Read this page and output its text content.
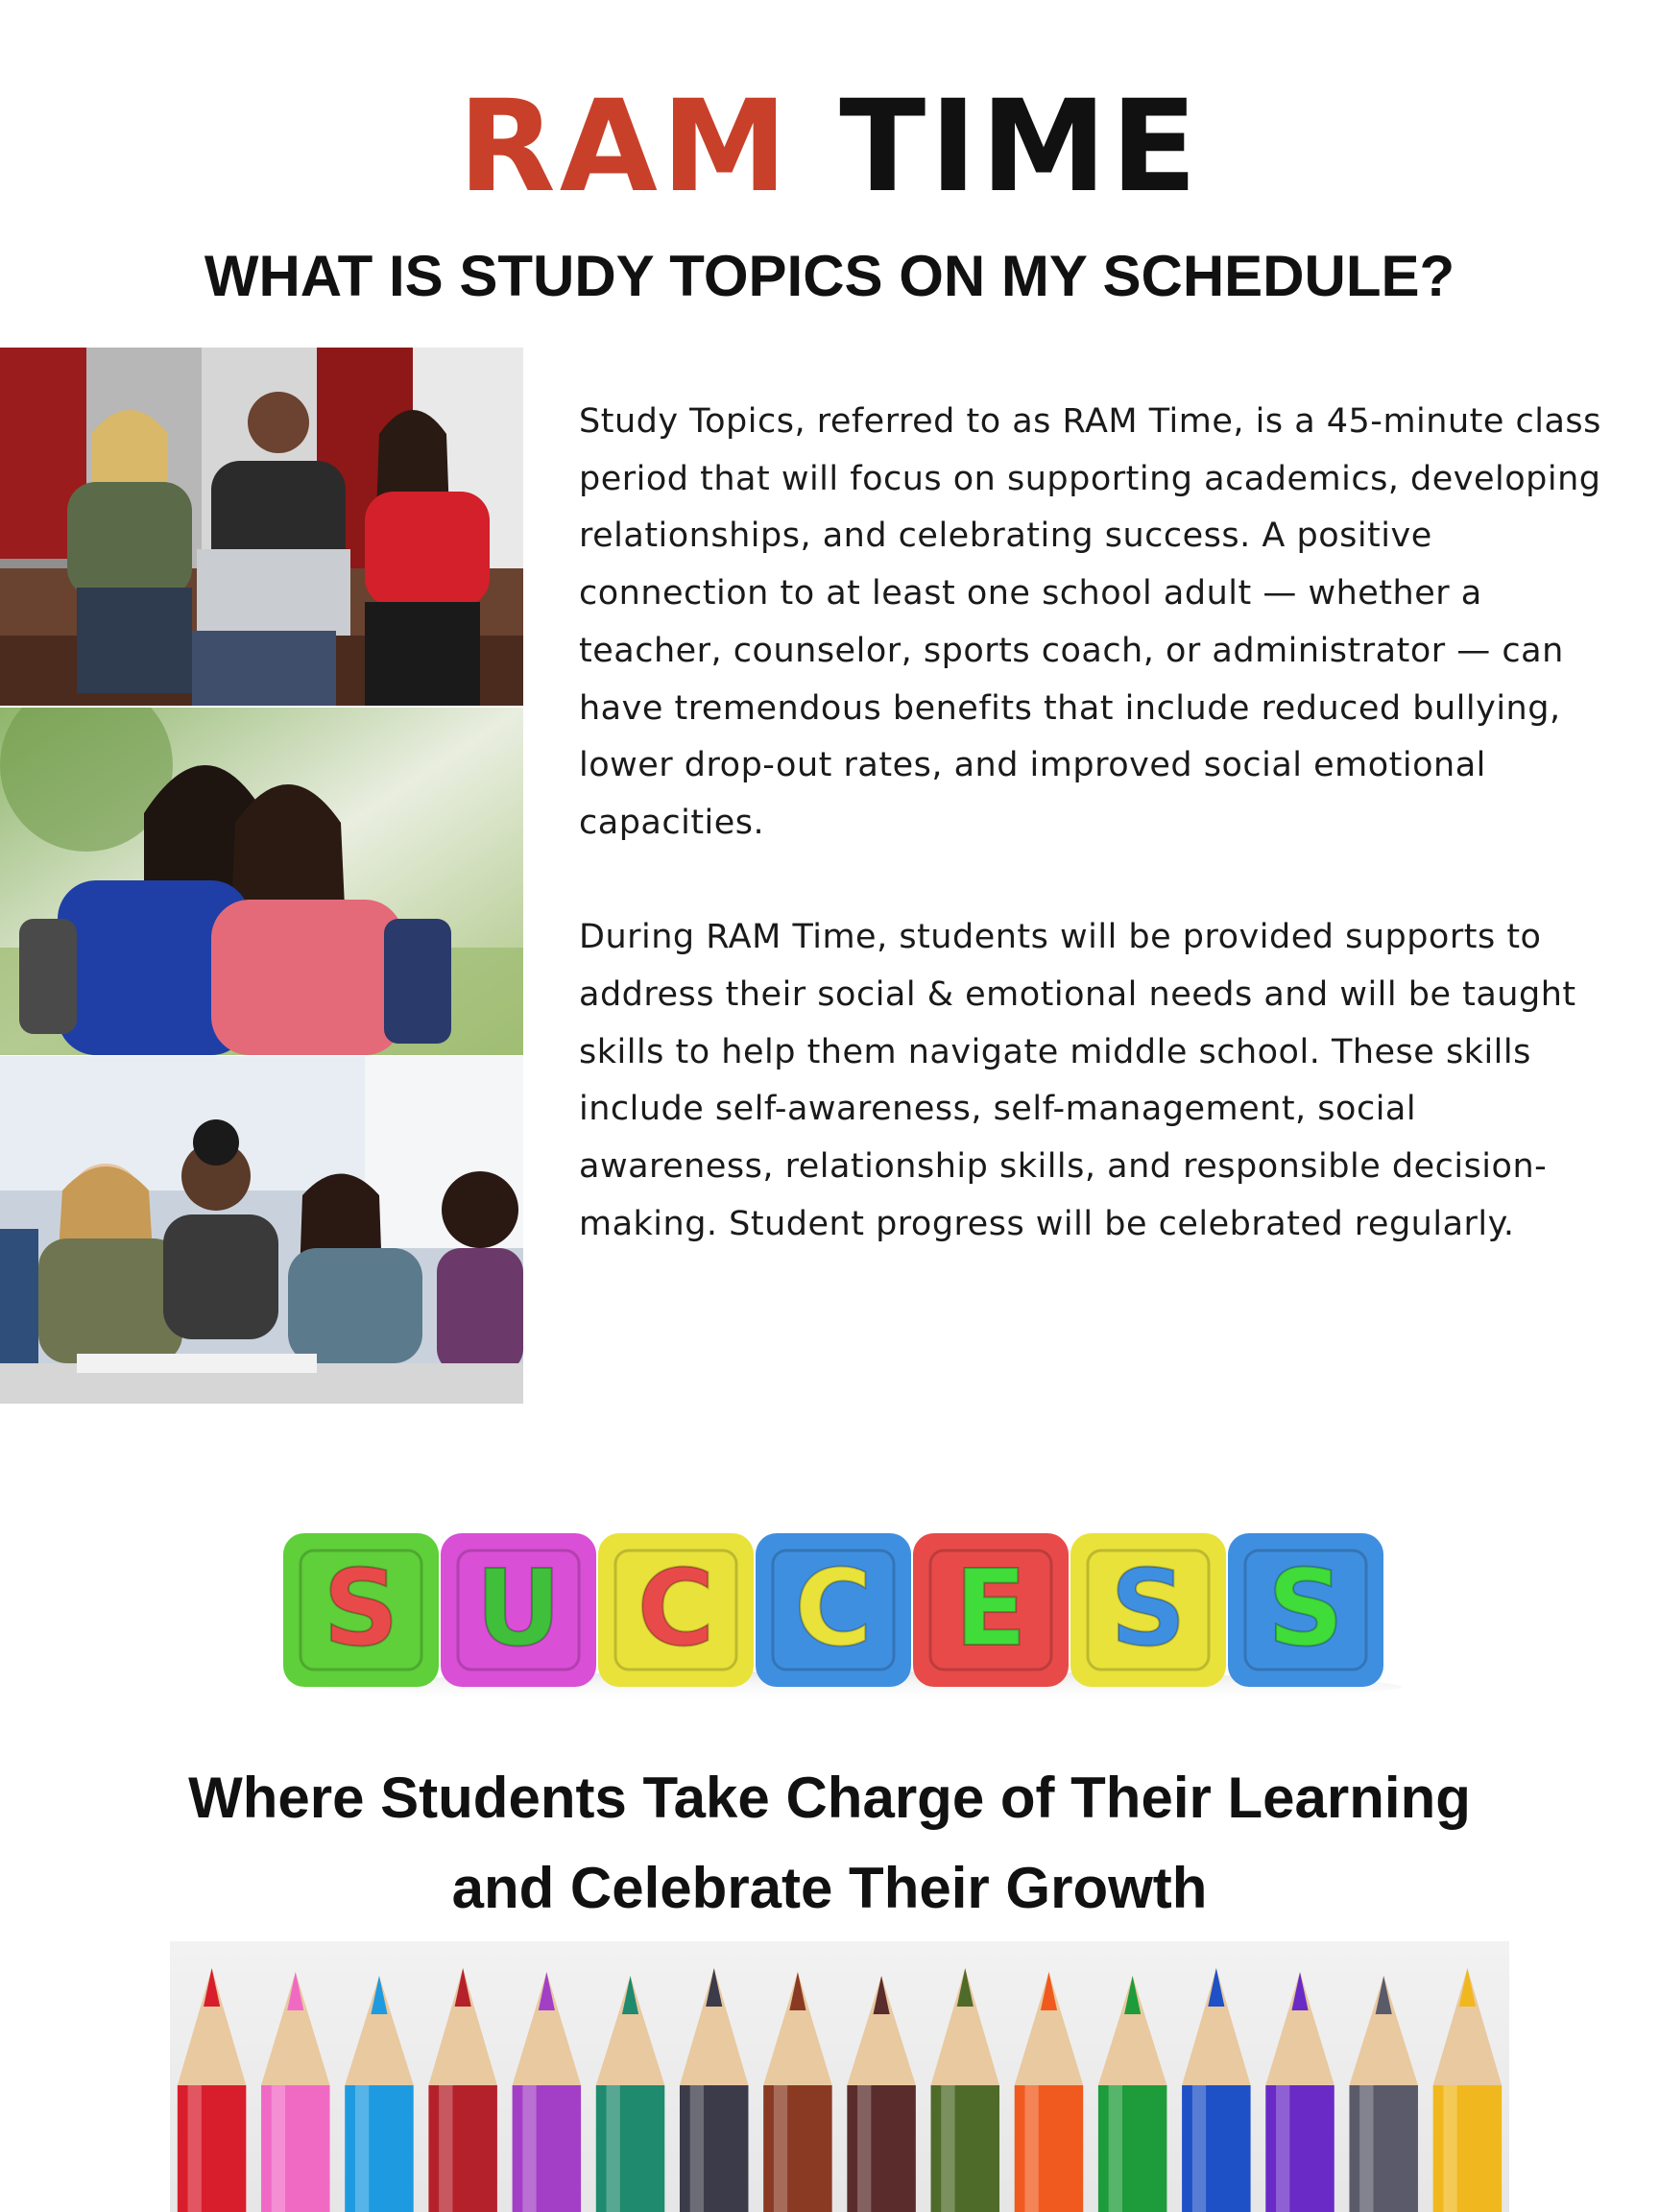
RAM TIME
WHAT IS STUDY TOPICS ON MY SCHEDULE?

Study Topics, referred to as RAM Time, is a 45-minute class period that will focus on supporting academics, developing relationships, and celebrating success. A positive connection to at least one school adult — whether a teacher, counselor, sports coach, or administrator — can have tremendous benefits that include reduced bullying, lower drop-out rates, and improved social emotional capacities.

During RAM Time, students will be provided supports to address their social & emotional needs and will be taught skills to help them navigate middle school. These skills include self-awareness, self-management, social awareness, relationship skills, and responsible decision-making. Student progress will be celebrated regularly.

S U C C E S S
Where Students Take Charge of Their Learning
and Celebrate Their Growth
